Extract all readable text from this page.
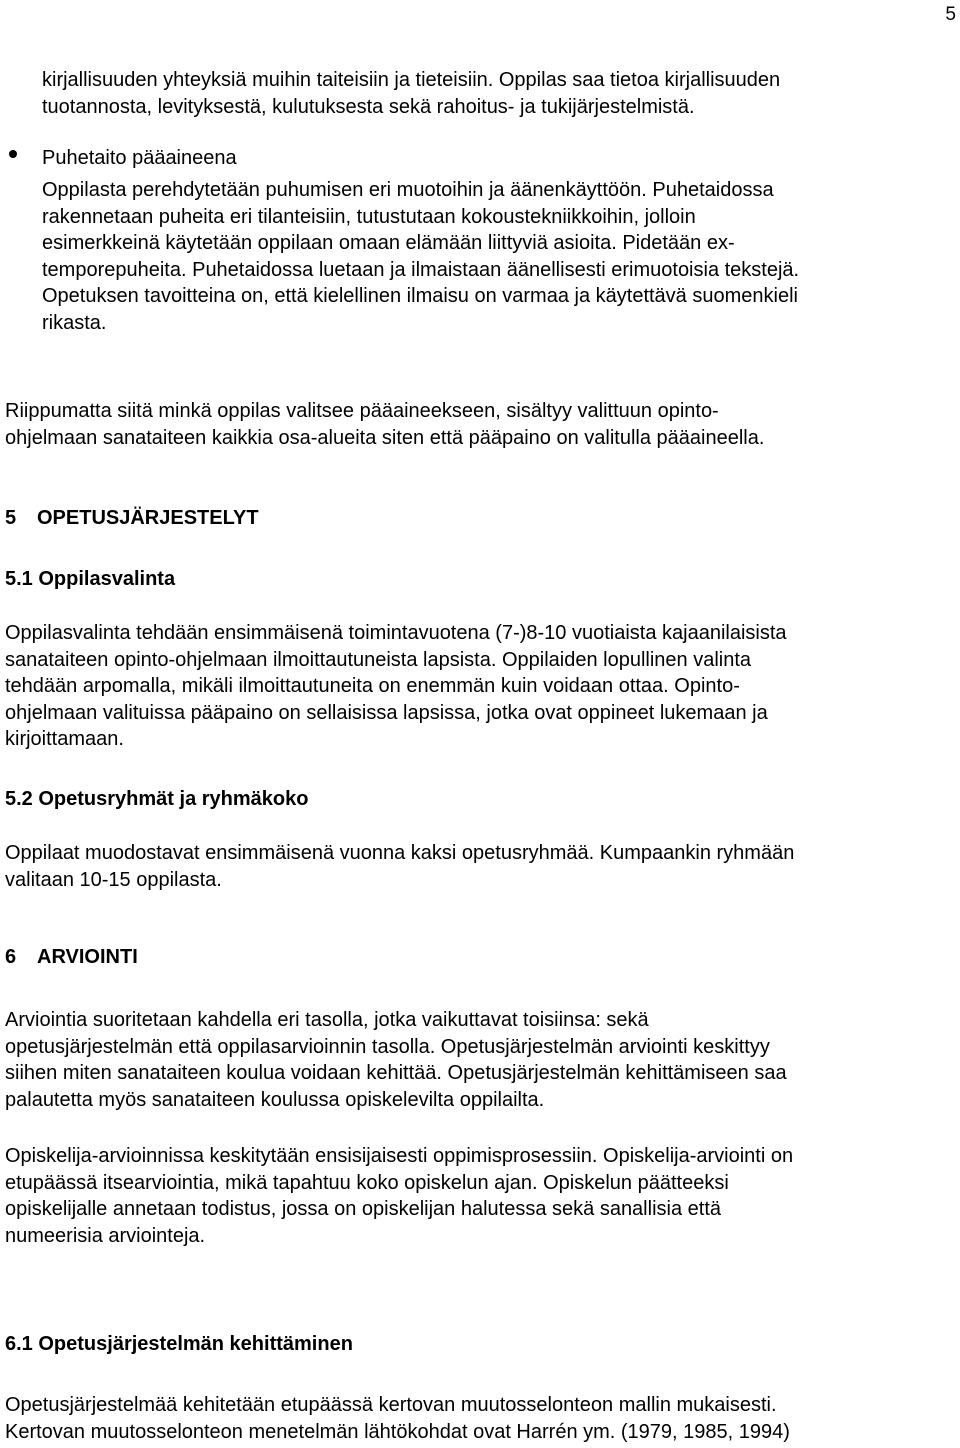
5
kirjallisuuden yhteyksiä muihin taiteisiin ja tieteisiin. Oppilas saa tietoa kirjallisuuden
tuotannosta, levityksestä, kulutuksesta sekä rahoitus- ja tukijärjestelmistä.
Puhetaito pääaineena
Oppilasta perehdytetään puhumisen eri muotoihin ja äänenkäyttöön. Puhetaidossa
rakennetaan puheita eri tilanteisiin, tutustutaan kokoustekniikkoihin, jolloin
esimerkkeinä käytetään oppilaan omaan elämään liittyviä asioita. Pidetään ex-
temporepuheita. Puhetaidossa luetaan ja ilmaistaan äänellisesti erimuotoisia tekstejä.
Opetuksen tavoitteina on, että kielellinen ilmaisu on varmaa ja käytettävä suomenkieli
rikasta.
Riippumatta siitä minkä oppilas valitsee pääaineekseen, sisältyy valittuun opinto-
ohjelmaan sanataiteen kaikkia osa-alueita siten että pääpaino on valitulla pääaineella.
5 OPETUSJÄRJESTELYT
5.1 Oppilasvalinta
Oppilasvalinta tehdään ensimmäisenä toimintavuotena (7-)8-10 vuotiaista kajaanilaisista
sanataiteen opinto-ohjelmaan ilmoittautuneista lapsista. Oppilaiden lopullinen valinta
tehdään arpomalla, mikäli ilmoittautuneita on enemmän kuin voidaan ottaa. Opinto-
ohjelmaan valituissa pääpaino on sellaisissa lapsissa, jotka ovat oppineet lukemaan ja
kirjoittamaan.
5.2 Opetusryhmät ja ryhmäkoko
Oppilaat muodostavat ensimmäisenä vuonna kaksi opetusryhmää. Kumpaankin ryhmään
valitaan 10-15 oppilasta.
6 ARVIOINTI
Arviointia suoritetaan kahdella eri tasolla, jotka vaikuttavat toisiinsa: sekä
opetusjärjestelmän että oppilasarvioinnin tasolla. Opetusjärjestelmän arviointi keskittyy
siihen miten sanataiteen koulua voidaan kehittää. Opetusjärjestelmän kehittämiseen saa
palautetta myös sanataiteen koulussa opiskelevilta oppilailta.
Opiskelija-arvioinnissa keskitytään ensisijaisesti oppimisprosessiin. Opiskelija-arviointi on
etupäässä itsearviointia, mikä tapahtuu koko opiskelun ajan. Opiskelun päätteeksi
opiskelijalle annetaan todistus, jossa on opiskelijan halutessa sekä sanallisia että
numeerisia arviointeja.
6.1 Opetusjärjestelmän kehittäminen
Opetusjärjestelmää kehitetään etupäässä kertovan muutosselonteon mallin mukaisesti.
Kertovan muutosselonteon menetelmän lähtökohdat ovat Harrén ym. (1979, 1985, 1994)
